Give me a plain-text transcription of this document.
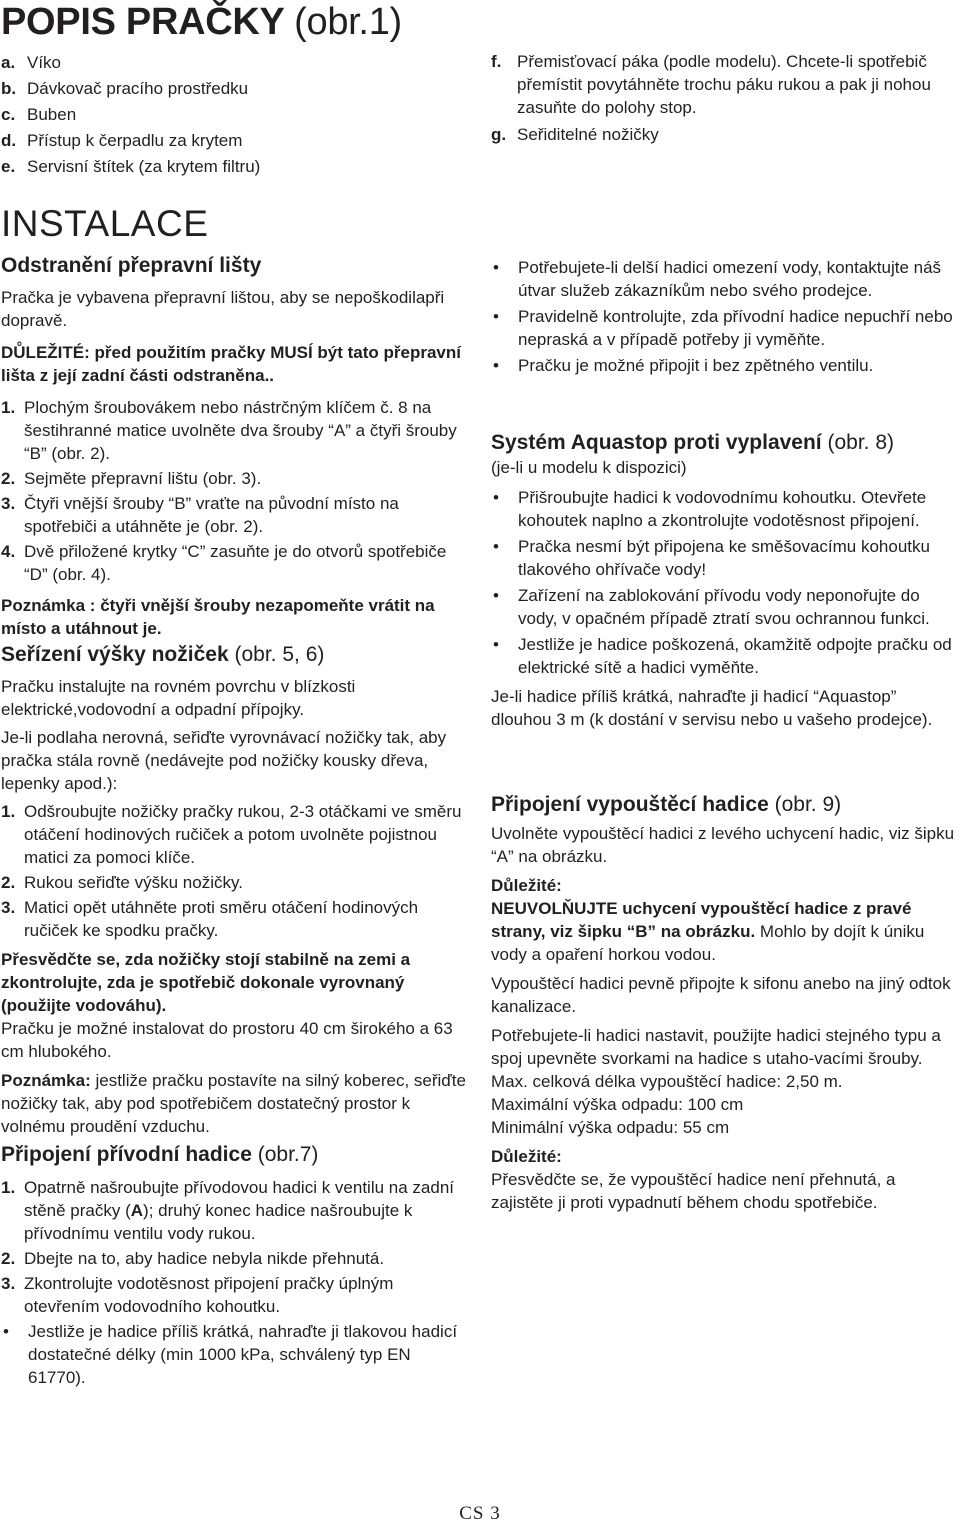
POPIS PRAČKY (obr.1)
a. Víko
b. Dávkovač pracího prostředku
c. Buben
d. Přístup k čerpadlu za krytem
e. Servisní štítek (za krytem filtru)
INSTALACE
Odstranění přepravní lišty

Pračka je vybavena přepravní lištou, aby se nepoškodilapři dopravě.

DŮLEŽITÉ: před použitím pračky MUSÍ být tato přepravní lišta z její zadní části odstraněna..

1. Plochým šroubovákem nebo nástrčným klíčem č. 8 na šestihranné matice uvolněte dva šrouby “A” a čtyři šrouby “B” (obr. 2).
2. Sejměte přepravní lištu (obr. 3).
3. Čtyři vnější šrouby “B” vraťte na původní místo na spotřebiči a utáhněte je (obr. 2).
4. Dvě přiložené krytky “C” zasuňte je do otvorů spotřebiče “D” (obr. 4).

Poznámka : čtyři vnější šrouby nezapomeňte vrátit na místo a utáhnout je.

Seřízení výšky nožiček (obr. 5, 6)

Pračku instalujte na rovném povrchu v blízkosti elektrické,vodovodní a odpadní přípojky.

Je-li podlaha nerovná, seřiďte vyrovnávací nožičky tak, aby pračka stála rovně (nedávejte pod nožičky kousky dřeva, lepenky apod.):

1. Odšroubujte nožičky pračky rukou, 2-3 otáčkami ve směru otáčení hodinových ručiček a potom uvolněte pojistnou matici za pomoci klíče.
2. Rukou seřiďte výšku nožičky.
3. Matici opět utáhněte proti směru otáčení hodinových ručiček ke spodku pračky.

Přesvědčte se, zda nožičky stojí stabilně na zemi a zkontrolujte, zda je spotřebič dokonale vyrovnaný (použijte vodováhu).

Pračku je možné instalovat do prostoru 40 cm širokého a 63 cm hlubokého.

Poznámka: jestliže pračku postavíte na silný koberec, seřiďte nožičky tak, aby pod spotřebičem dostatečný prostor k volnému proudění vzduchu.

Připojení přívodní hadice (obr.7)
1. Opatrně našroubujte přívodovou hadici k ventilu na zadní stěně pračky (A); druhý konec hadice našroubujte k přívodnímu ventilu vody rukou.
2. Dbejte na to, aby hadice nebyla nikde přehnutá.
3. Zkontrolujte vodotěsnost připojení pračky úplným otevřením vodovodního kohoutku.
• Jestliže je hadice příliš krátká, nahraďte ji tlakovou hadicí dostatečné délky (min 1000 kPa, schválený typ EN 61770).
f. Přemisťovací páka (podle modelu). Chcete-li spotřebič přemístit povytáhněte trochu páku rukou a pak ji nohou zasuňte do polohy stop.
g. Seřiditelné nožičky
• Potřebujete-li delší hadici omezení vody, kontaktujte náš útvar služeb zákazníkům nebo svého prodejce.
• Pravidelně kontrolujte, zda přívodní hadice nepuchří nebo nepraská a v případě potřeby ji vyměňte.
• Pračku je možné připojit i bez zpětného ventilu.
Systém Aquastop proti vyplavení (obr. 8)

(je-li u modelu k dispozici)

• Přišroubujte hadici k vodovodnímu kohoutku. Otevřete kohoutek naplno a zkontrolujte vodotěsnost připojení.
• Pračka nesmí být připojena ke směšovacímu kohoutku tlakového ohřívače vody!
• Zařízení na zablokování přívodu vody neponořujte do vody, v opačném případě ztratí svou ochrannou funkci.
• Jestliže je hadice poškozená, okamžitě odpojte pračku od elektrické sítě a hadici vyměňte.

Je-li hadice příliš krátká, nahraďte ji hadicí “Aquastop” dlouhou 3 m (k dostání v servisu nebo u vašeho prodejce).

Připojení vypouštěcí hadice (obr. 9)

Uvolněte vypouštěcí hadici z levého uchycení hadic, viz šipku “A” na obrázku.

Důležité:

NEUVOLŇUJTE uchycení vypouštěcí hadice z pravé strany, viz šipku “B” na obrázku. Mohlo by dojít k úniku vody a opaření horkou vodou.

Vypouštěcí hadici pevně připojte k sifonu anebo na jiný odtok kanalizace.

Potřebujete-li hadici nastavit, použijte hadici stejného typu a spoj upevněte svorkami na hadice s utaho-vacími šrouby.

Max. celková délka vypouštěcí hadice: 2,50 m.

Maximální výška odpadu: 100 cm

Minimální výška odpadu: 55 cm

Důležité:

Přesvědčte se, že vypouštěcí hadice není přehnutá, a zajistěte ji proti vypadnutí během chodu spotřebiče.

CS 3
